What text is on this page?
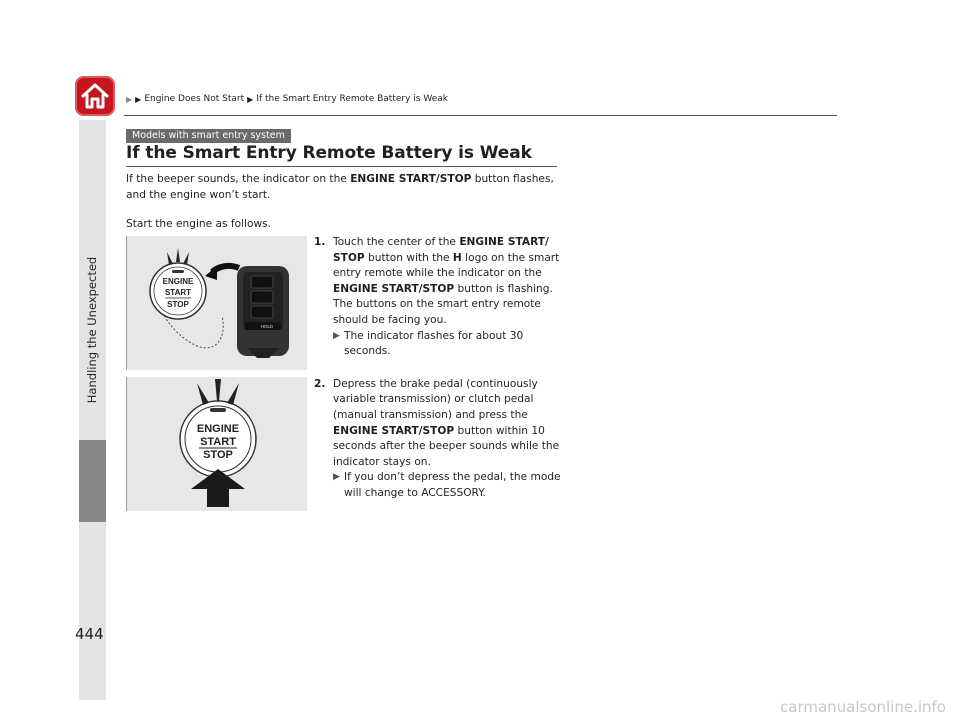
Handling the Unexpected
▶ ▶ Engine Does Not Start ▶ If the Smart Entry Remote Battery is Weak
Models with smart entry system
If the Smart Entry Remote Battery is Weak

If the beeper sounds, the indicator on the ENGINE START/STOP button flashes, and the engine won’t start.

Start the engine as follows.

ENGINE
START
STOP
HOLD
ENGINE
START
STOP
1. Touch the center of the ENGINE START/ STOP button with the H logo on the smart entry remote while the indicator on the ENGINE START/STOP button is flashing. The buttons on the smart entry remote should be facing you.
▶ The indicator flashes for about 30 seconds.
2. Depress the brake pedal (continuously variable transmission) or clutch pedal (manual transmission) and press the ENGINE START/STOP button within 10 seconds after the beeper sounds while the indicator stays on.
▶ If you don’t depress the pedal, the mode will change to ACCESSORY.
444
carmanualsonline.info
